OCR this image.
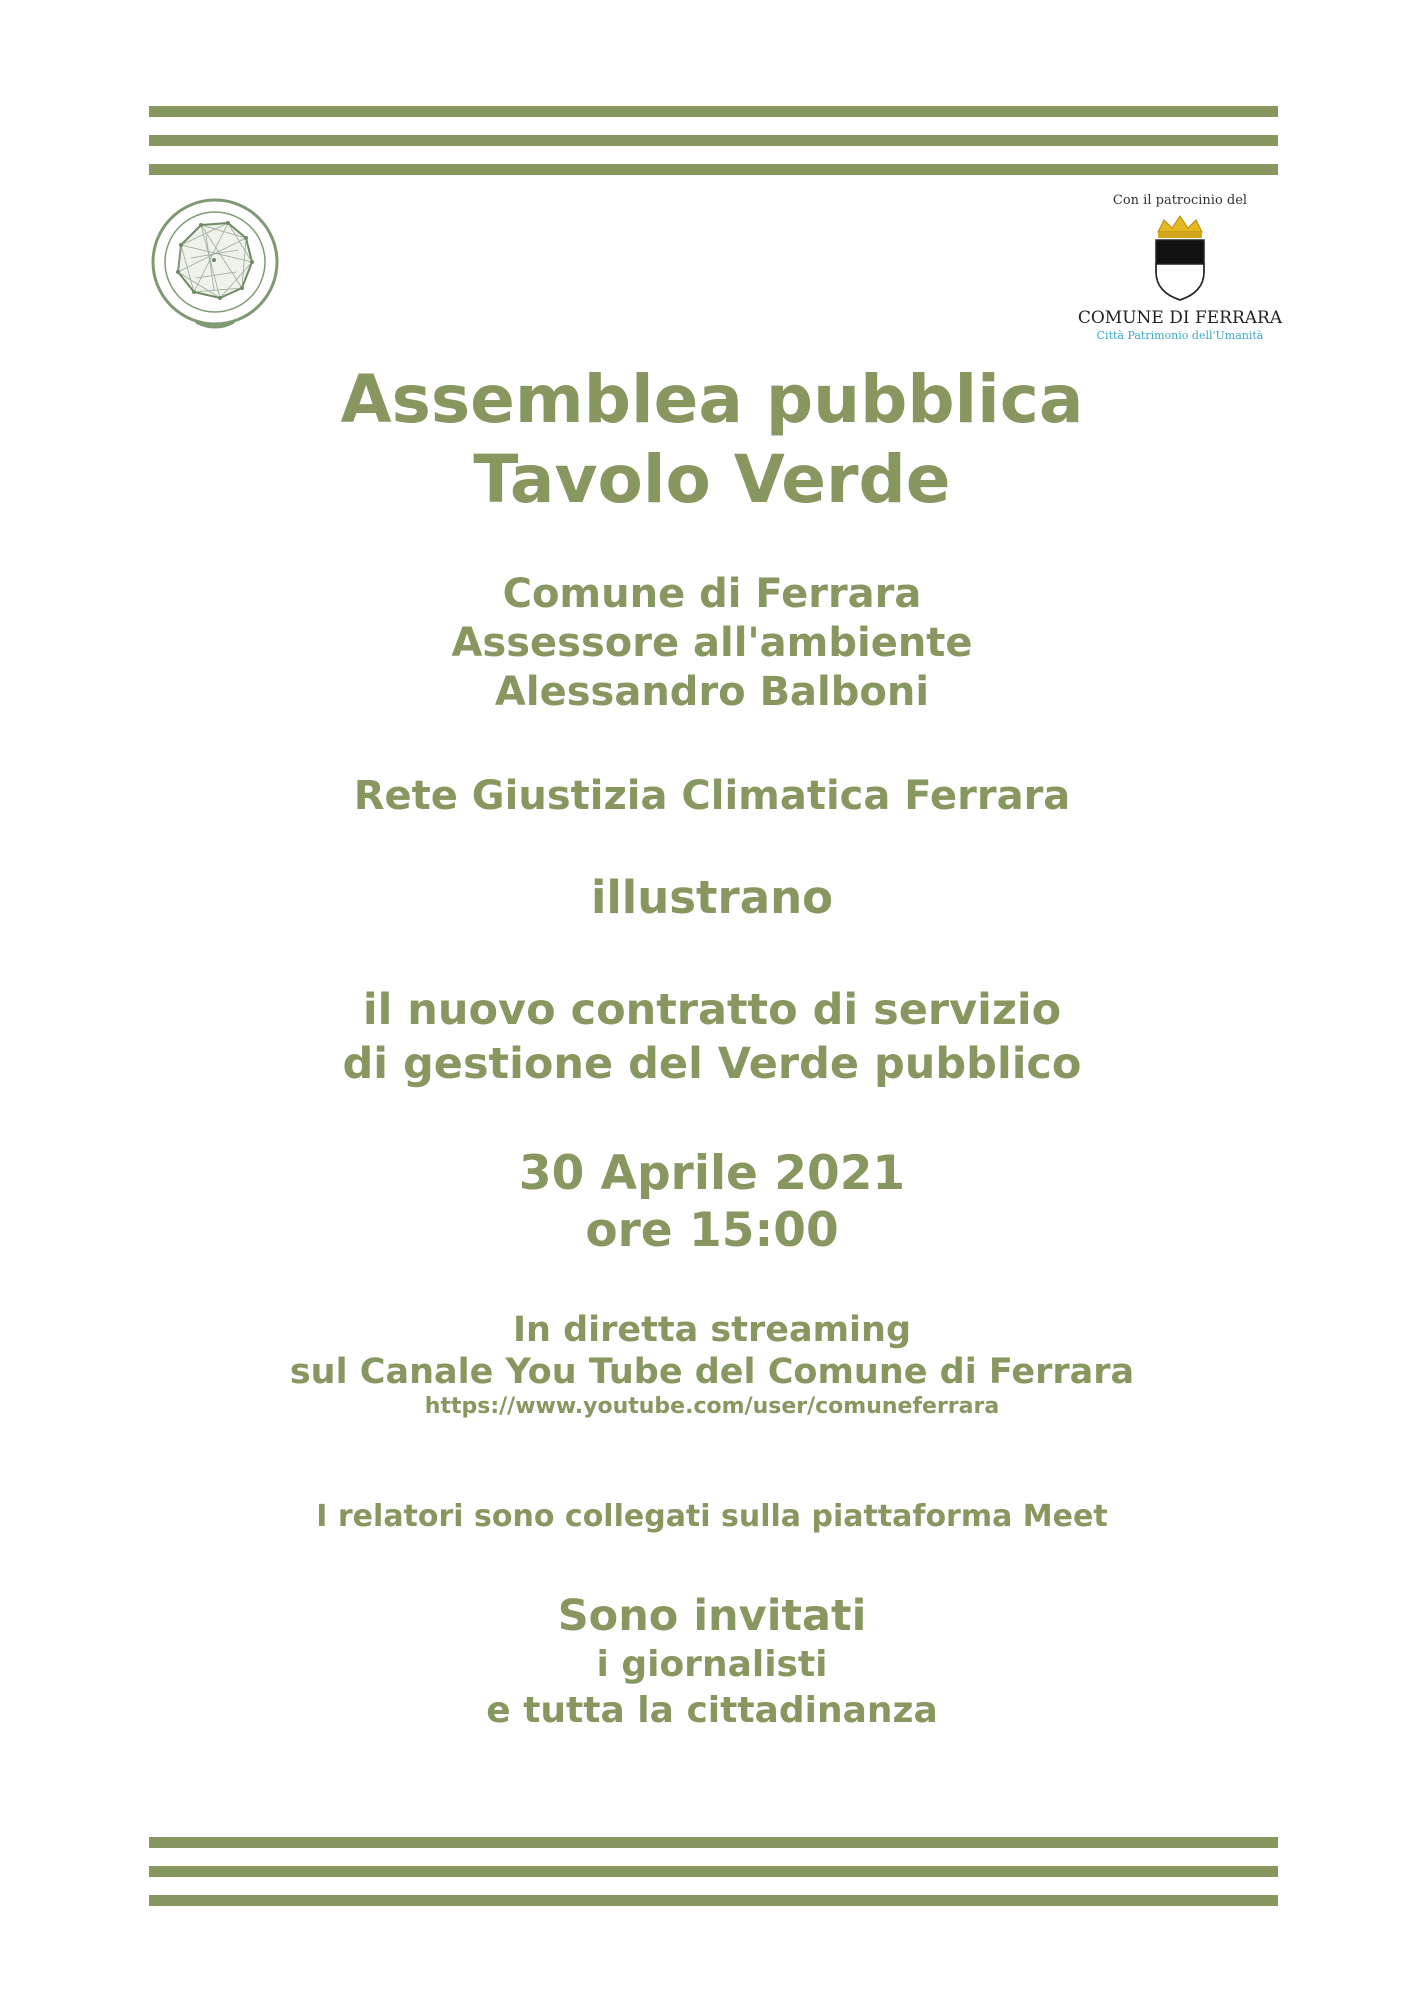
Con il patrocinio del
COMUNE DI FERRARA
Città Patrimonio dell'Umanità
Assemblea pubblica
Tavolo Verde
Comune di Ferrara
Assessore all'ambiente
Alessandro Balboni
Rete Giustizia Climatica Ferrara
illustrano
il nuovo contratto di servizio
di gestione del Verde pubblico
30 Aprile 2021
ore 15:00
In diretta streaming
sul Canale You Tube del Comune di Ferrara
https://www.youtube.com/user/comuneferrara
I relatori sono collegati sulla piattaforma Meet
Sono invitati
i giornalisti
e tutta la cittadinanza
